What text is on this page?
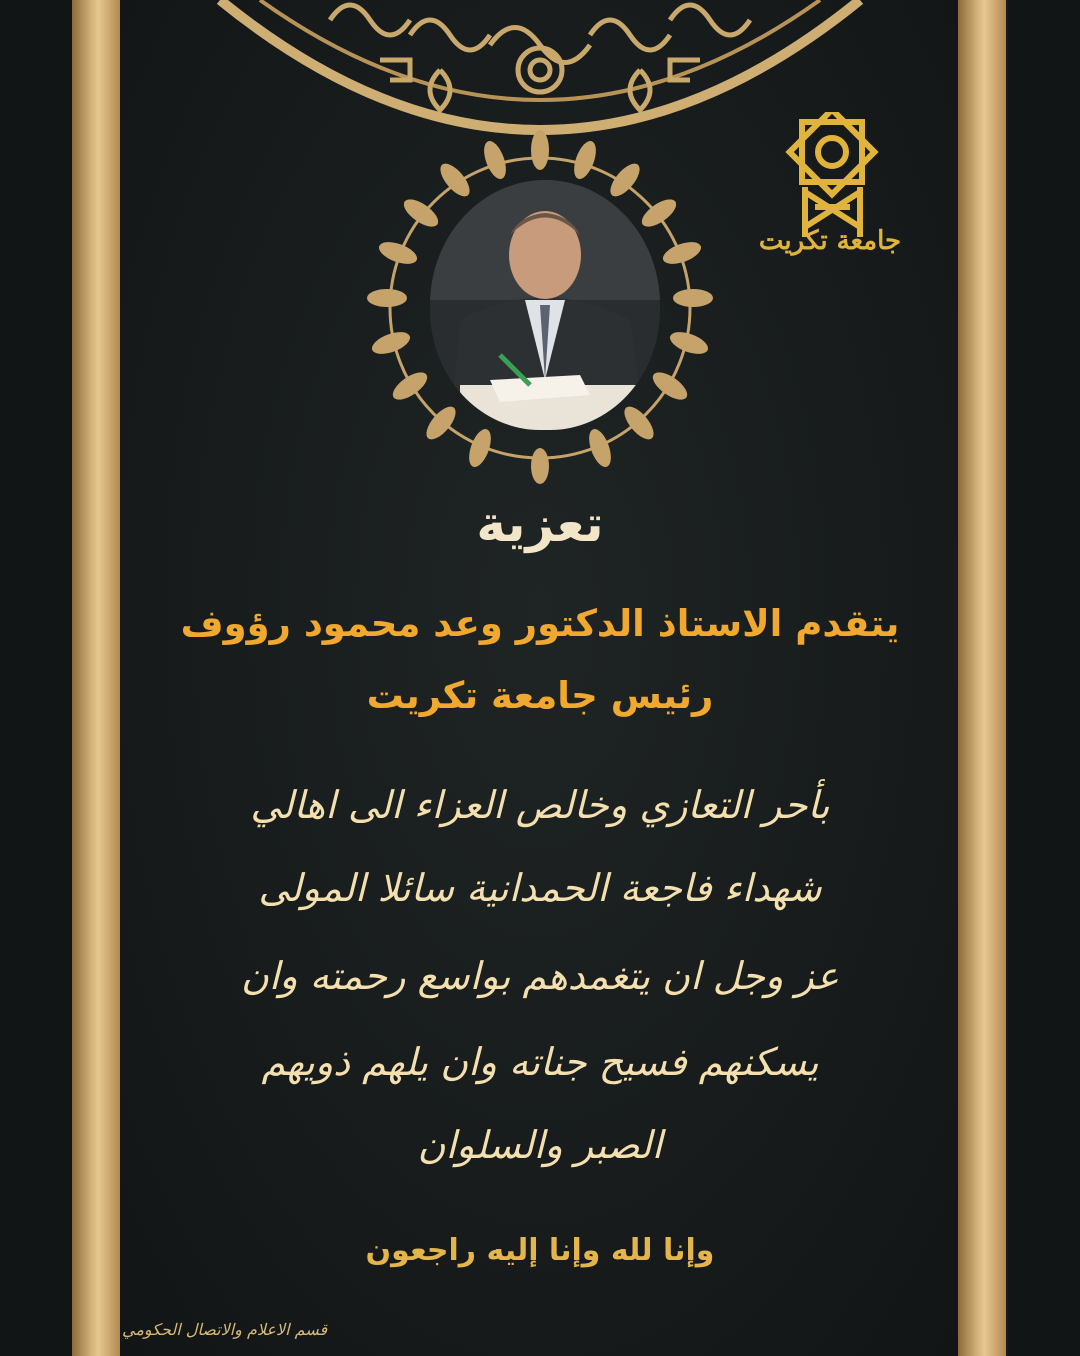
جامعة تكريت
تعزية
يتقدم الاستاذ الدكتور وعد محمود رؤوف
رئيس جامعة تكريت
بأحر التعازي وخالص العزاء الى اهالي
شهداء فاجعة الحمدانية سائلا المولى
عز وجل ان يتغمدهم بواسع رحمته وان
يسكنهم فسيح جناته وان يلهم ذويهم
الصبر والسلوان
وإنا لله وإنا إليه راجعون
قسم الاعلام والاتصال الحكومي
